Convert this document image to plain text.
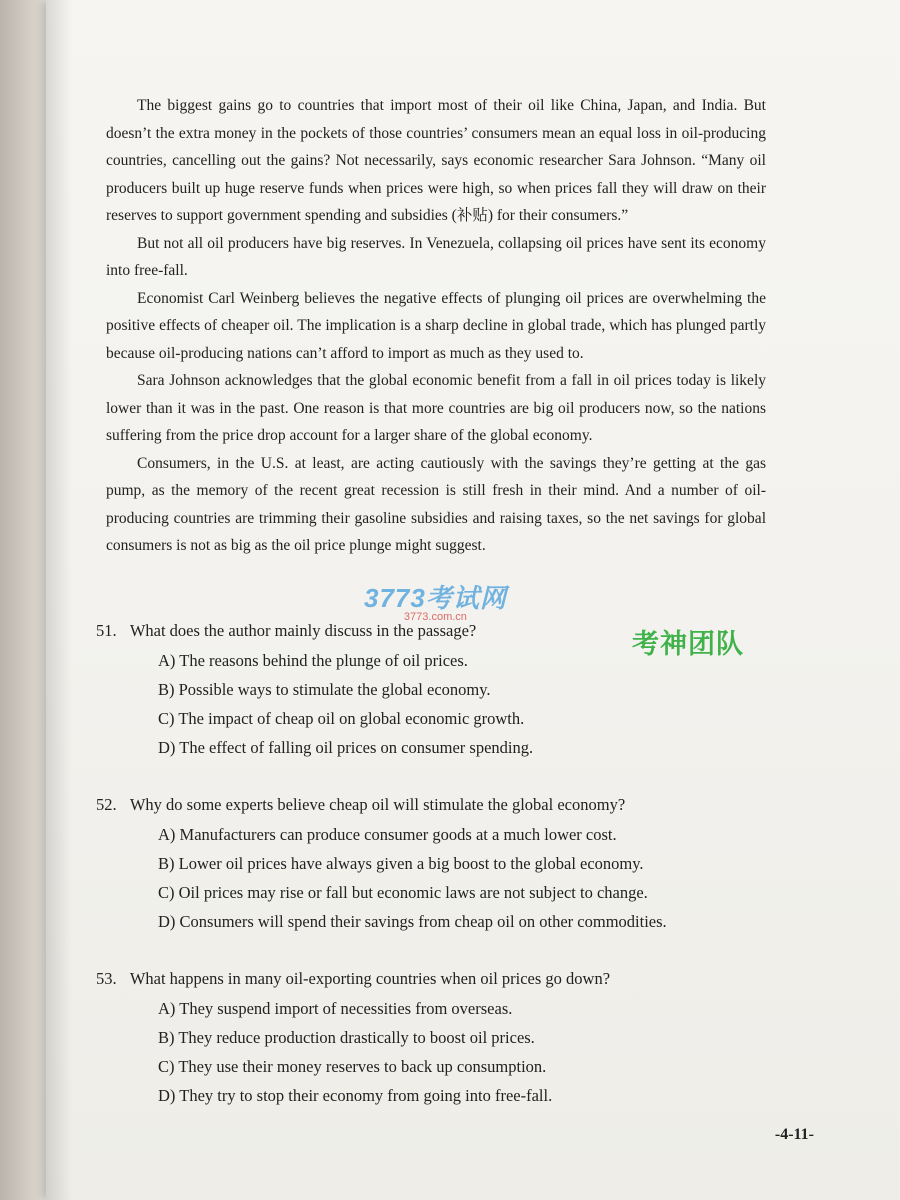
The biggest gains go to countries that import most of their oil like China, Japan, and India. But doesn’t the extra money in the pockets of those countries’ consumers mean an equal loss in oil-producing countries, cancelling out the gains? Not necessarily, says economic researcher Sara Johnson. “Many oil producers built up huge reserve funds when prices were high, so when prices fall they will draw on their reserves to support government spending and subsidies (补贴) for their consumers.”

But not all oil producers have big reserves. In Venezuela, collapsing oil prices have sent its economy into free-fall.

Economist Carl Weinberg believes the negative effects of plunging oil prices are overwhelming the positive effects of cheaper oil. The implication is a sharp decline in global trade, which has plunged partly because oil-producing nations can’t afford to import as much as they used to.

Sara Johnson acknowledges that the global economic benefit from a fall in oil prices today is likely lower than it was in the past. One reason is that more countries are big oil producers now, so the nations suffering from the price drop account for a larger share of the global economy.

Consumers, in the U.S. at least, are acting cautiously with the savings they’re getting at the gas pump, as the memory of the recent great recession is still fresh in their mind. And a number of oil-producing countries are trimming their gasoline subsidies and raising taxes, so the net savings for global consumers is not as big as the oil price plunge might suggest.

3773考试网
3773.com.cn
考神团队
51. What does the author mainly discuss in the passage?
A) The reasons behind the plunge of oil prices.
B) Possible ways to stimulate the global economy.
C) The impact of cheap oil on global economic growth.
D) The effect of falling oil prices on consumer spending.
52. Why do some experts believe cheap oil will stimulate the global economy?
A) Manufacturers can produce consumer goods at a much lower cost.
B) Lower oil prices have always given a big boost to the global economy.
C) Oil prices may rise or fall but economic laws are not subject to change.
D) Consumers will spend their savings from cheap oil on other commodities.
53. What happens in many oil-exporting countries when oil prices go down?
A) They suspend import of necessities from overseas.
B) They reduce production drastically to boost oil prices.
C) They use their money reserves to back up consumption.
D) They try to stop their economy from going into free-fall.
-4-11-
